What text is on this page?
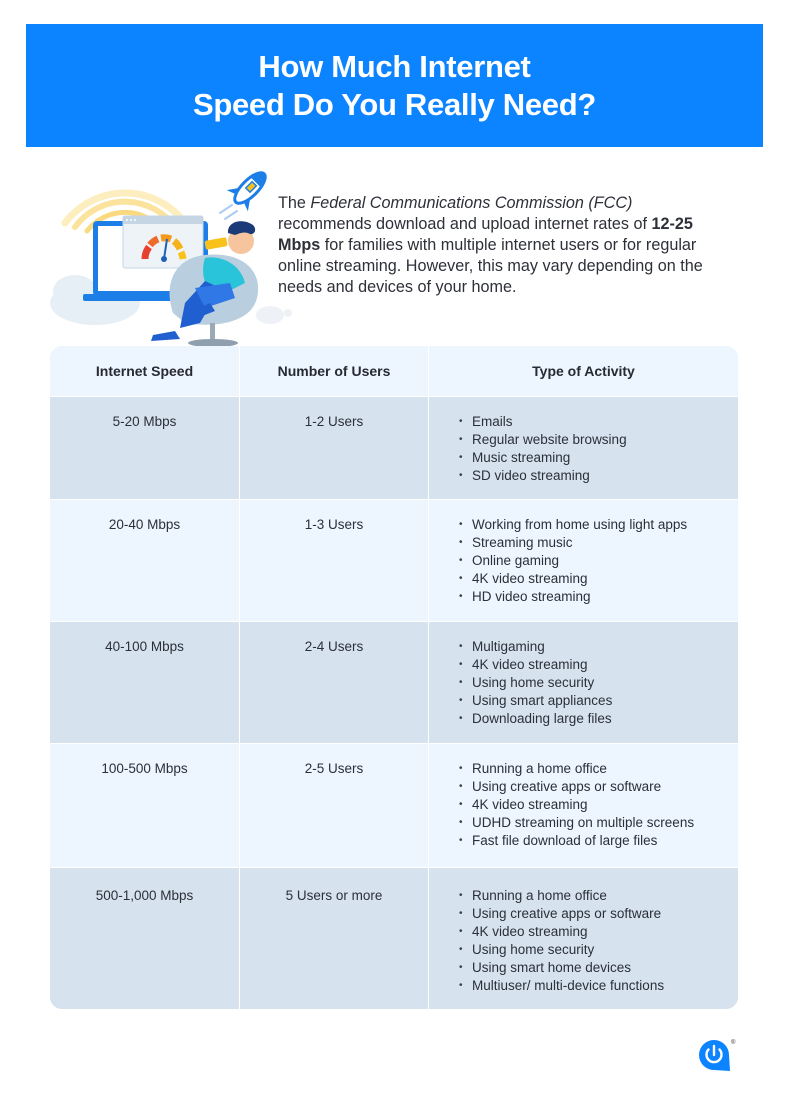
How Much Internet
Speed Do You Really Need?

The Federal Communications Commission (FCC) recommends download and upload internet rates of 12-25 Mbps for families with multiple internet users or for regular online streaming. However, this may vary depending on the needs and devices of your home.

Internet Speed	Number of Users	Type of Activity
5-20 Mbps	1-2 Users	• Emails
• Regular website browsing
• Music streaming
• SD video streaming
20-40 Mbps	1-3 Users	• Working from home using light apps
• Streaming music
• Online gaming
• 4K video streaming
• HD video streaming
40-100 Mbps	2-4 Users	• Multigaming
• 4K video streaming
• Using home security
• Using smart appliances
• Downloading large files
100-500 Mbps	2-5 Users	• Running a home office
• Using creative apps or software
• 4K video streaming
• UDHD streaming on multiple screens
• Fast file download of large files
500-1,000 Mbps	5 Users or more	• Running a home office
• Using creative apps or software
• 4K video streaming
• Using home security
• Using smart home devices
• Multiuser/ multi-device functions
®
